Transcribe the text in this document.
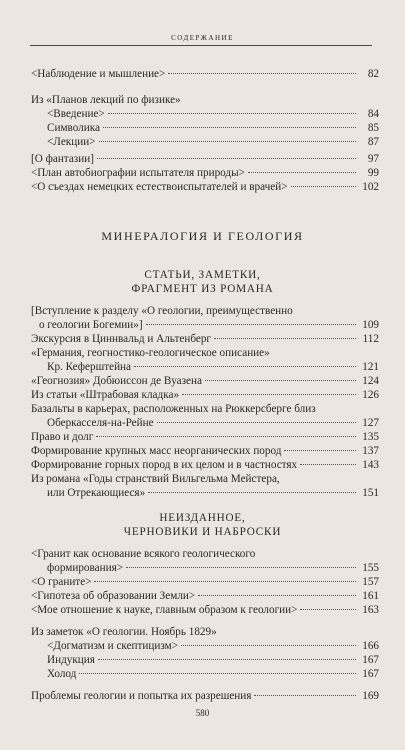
СОДЕРЖАНИЕ
<Наблюдение и мышление>	82
Из «Планов лекций по физике»
<Введение>	84
Символика	85
<Лекции>	87
[О фантазии]	97
<План автобиографии испытателя природы>	99
<О съездах немецких естествоиспытателей и врачей>	102
МИНЕРАЛОГИЯ И ГЕОЛОГИЯ
СТАТЬИ, ЗАМЕТКИ,
ФРАГМЕНТ ИЗ РОМАНА
[Вступление к разделу «О геологии, преимущественно
о геологии Богемии»]	109
Экскурсия в Циннвальд и Альтенберг	112
«Германия, геогностико-геологическое описание»
Кр. Кеферштейна	121
«Геогнозия» Добюиссон де Вуазена	124
Из статьи «Штрабовая кладка»	126
Базальты в карьерах, расположенных на Рюккерсберге близ
Оберкасселя-на-Рейне	127
Право и долг	135
Формирование крупных масс неорганических пород	137
Формирование горных пород в их целом и в частностях	143
Из романа «Годы странствий Вильгельма Мейстера,
или Отрекающиеся»	151
НЕИЗДАННОЕ,
ЧЕРНОВИКИ И НАБРОСКИ
<Гранит как основание всякого геологического
формирования>	155
<О граните>	157
<Гипотеза об образовании Земли>	161
<Мое отношение к науке, главным образом к геологии>	163
Из заметок «О геологии. Ноябрь 1829»
<Догматизм и скептицизм>	166
Индукция	167
Холод	167
Проблемы геологии и попытка их разрешения	169
580
